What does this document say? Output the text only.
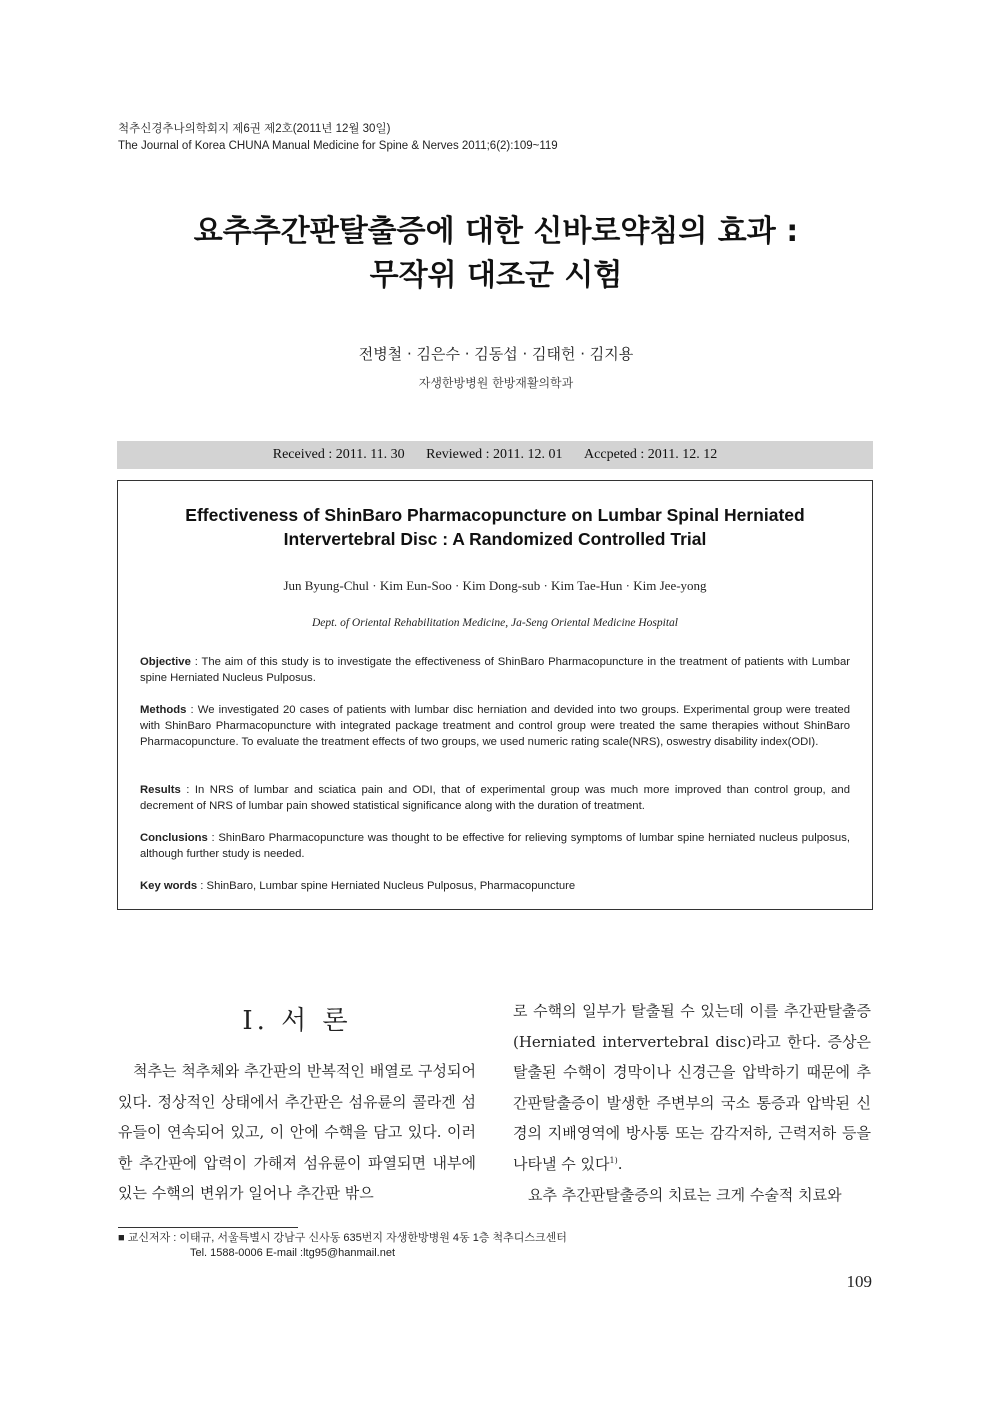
척추신경추나의학회지 제6권 제2호(2011년 12월 30일)
The Journal of Korea CHUNA Manual Medicine for Spine & Nerves 2011;6(2):109~119
요추추간판탈출증에 대한 신바로약침의 효과 :
무작위 대조군 시험
전병철 · 김은수 · 김동섭 · 김태헌 · 김지용
자생한방병원 한방재활의학과
Received : 2011. 11. 30 Reviewed : 2011. 12. 01 Accpeted : 2011. 12. 12
Effectiveness of ShinBaro Pharmacopuncture on Lumbar Spinal Herniated
Intervertebral Disc : A Randomized Controlled Trial
Jun Byung-Chul · Kim Eun-Soo · Kim Dong-sub · Kim Tae-Hun · Kim Jee-yong
Dept. of Oriental Rehabilitation Medicine, Ja-Seng Oriental Medicine Hospital
Objective : The aim of this study is to investigate the effectiveness of ShinBaro Pharmacopuncture in the treatment of patients with Lumbar spine Herniated Nucleus Pulposus.
Methods : We investigated 20 cases of patients with lumbar disc herniation and devided into two groups. Experimental group were treated with ShinBaro Pharmacopuncture with integrated package treatment and control group were treated the same therapies without ShinBaro Pharmacopuncture. To evaluate the treatment effects of two groups, we used numeric rating scale(NRS), oswestry disability index(ODI).
Results : In NRS of lumbar and sciatica pain and ODI, that of experimental group was much more improved than control group, and decrement of NRS of lumbar pain showed statistical significance along with the duration of treatment.
Conclusions : ShinBaro Pharmacopuncture was thought to be effective for relieving symptoms of lumbar spine herniated nucleus pulposus, although further study is needed.
Key words : ShinBaro, Lumbar spine Herniated Nucleus Pulposus, Pharmacopuncture
Ⅰ. 서 론
척추는 척추체와 추간판의 반복적인 배열로 구성되어 있다. 정상적인 상태에서 추간판은 섬유륜의 콜라겐 섬유들이 연속되어 있고, 이 안에 수핵을 담고 있다. 이러한 추간판에 압력이 가해져 섬유륜이 파열되면 내부에 있는 수핵의 변위가 일어나 추간판 밖으
로 수핵의 일부가 탈출될 수 있는데 이를 추간판탈출증(Herniated intervertebral disc)라고 한다. 증상은 탈출된 수핵이 경막이나 신경근을 압박하기 때문에 추간판탈출증이 발생한 주변부의 국소 통증과 압박된 신경의 지배영역에 방사통 또는 감각저하, 근력저하 등을 나타낼 수 있다$^{1)}$.
요추 추간판탈출증의 치료는 크게 수술적 치료와
■ 교신저자 : 이태규, 서울특별시 강남구 신사동 635번지 자생한방병원 4동 1층 척추디스크센터
Tel. 1588-0006 E-mail :ltg95@hanmail.net
109
